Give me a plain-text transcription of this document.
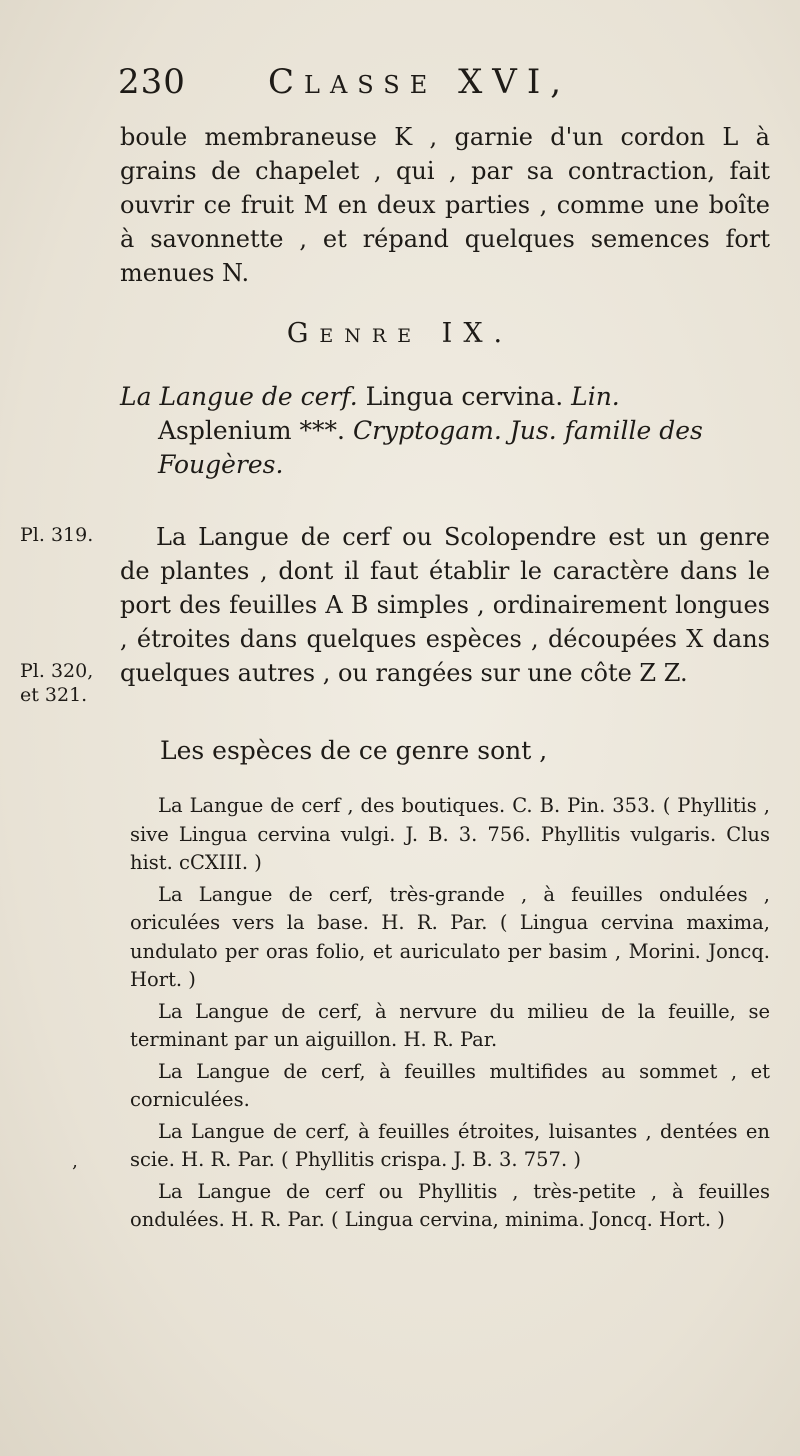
230 Classe XVI,

boule membraneuse K , garnie d'un cordon L à grains de chapelet , qui , par sa contraction, fait ouvrir ce fruit M en deux parties , comme une boîte à savonnette , et répand quelques semences fort menues N.

Genre IX.
La Langue de cerf. Lingua cervina. Lin.
Asplenium ***. Cryptogam. Jus. famille des Fougères.
Pl. 319.
Pl. 320,
et 321.

La Langue de cerf ou Scolopendre est un genre de plantes , dont il faut établir le caractère dans le port des feuilles A B simples , ordinairement longues , étroites dans quelques espèces , découpées X dans quelques autres , ou rangées sur une côte Z Z.

Les espèces de ce genre sont ,

La Langue de cerf , des boutiques. C. B. Pin. 353. ( Phyllitis , sive Lingua cervina vulgi. J. B. 3. 756. Phyllitis vulgaris. Clus hist. cCXIII. )

La Langue de cerf, très-grande , à feuilles ondulées , oriculées vers la base. H. R. Par. ( Lingua cervina maxima, undulato per oras folio, et auriculato per basim , Morini. Joncq. Hort. )

La Langue de cerf, à nervure du milieu de la feuille, se terminant par un aiguillon. H. R. Par.

La Langue de cerf, à feuilles multifides au sommet , et corniculées.

La Langue de cerf, à feuilles étroites, luisantes , dentées en scie. H. R. Par. ( Phyllitis crispa. J. B. 3. 757. )

La Langue de cerf ou Phyllitis , très-petite , à feuilles ondulées. H. R. Par. ( Lingua cervina, minima. Joncq. Hort. )

‚
